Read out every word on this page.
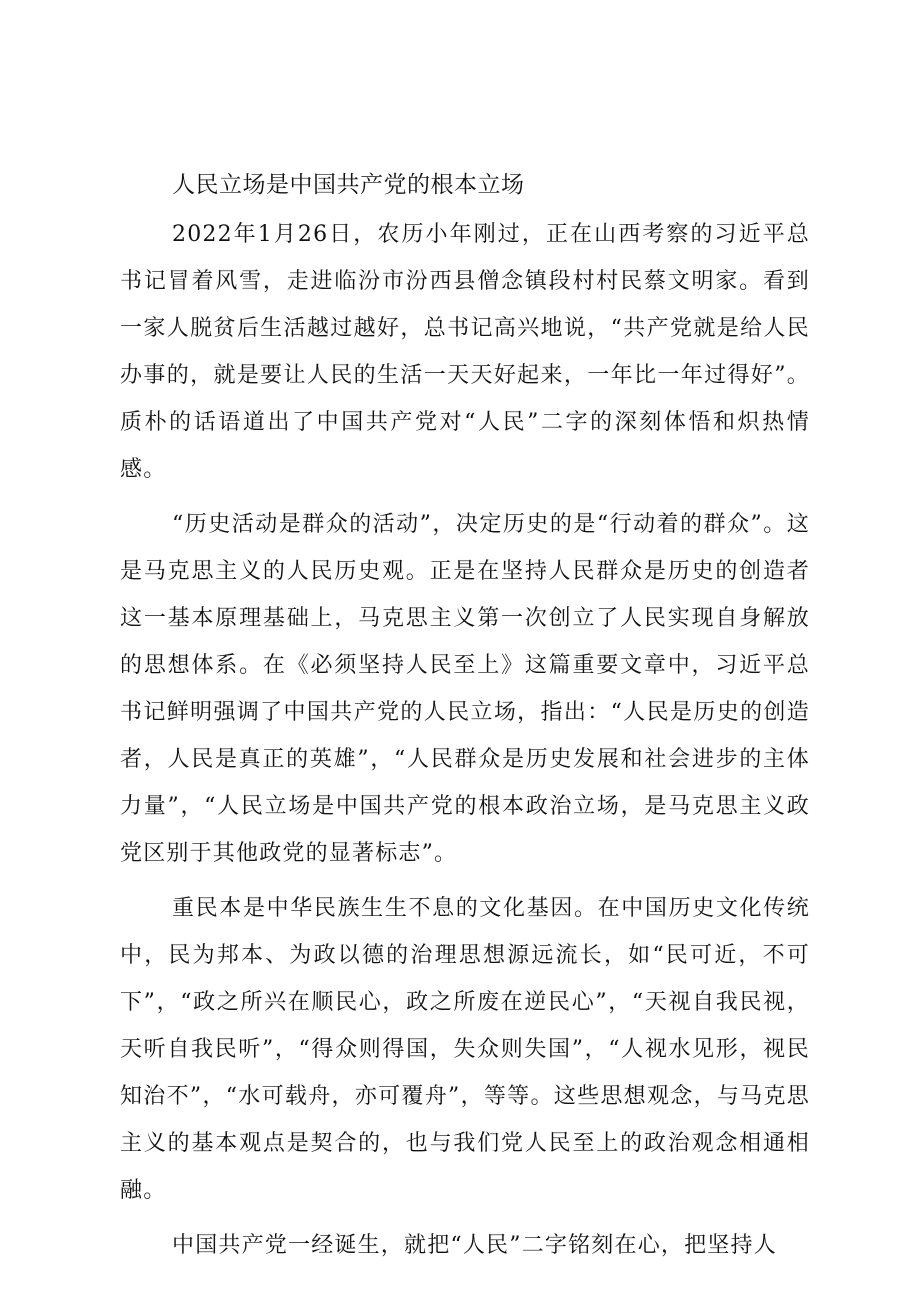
人民立场是中国共产党的根本立场

2022年1月26日，农历小年刚过，正在山西考察的习近平总书记冒着风雪，走进临汾市汾西县僧念镇段村村民蔡文明家。看到一家人脱贫后生活越过越好，总书记高兴地说，“共产党就是给人民办事的，就是要让人民的生活一天天好起来，一年比一年过得好”。质朴的话语道出了中国共产党对“人民”二字的深刻体悟和炽热情感。

“历史活动是群众的活动”，决定历史的是“行动着的群众”。这是马克思主义的人民历史观。正是在坚持人民群众是历史的创造者这一基本原理基础上，马克思主义第一次创立了人民实现自身解放的思想体系。在《必须坚持人民至上》这篇重要文章中，习近平总书记鲜明强调了中国共产党的人民立场，指出：“人民是历史的创造者，人民是真正的英雄”，“人民群众是历史发展和社会进步的主体力量”，“人民立场是中国共产党的根本政治立场，是马克思主义政党区别于其他政党的显著标志”。

重民本是中华民族生生不息的文化基因。在中国历史文化传统中，民为邦本、为政以德的治理思想源远流长，如“民可近，不可下”，“政之所兴在顺民心，政之所废在逆民心”，“天视自我民视，天听自我民听”，“得众则得国，失众则失国”，“人视水见形，视民知治不”，“水可载舟，亦可覆舟”，等等。这些思想观念，与马克思主义的基本观点是契合的，也与我们党人民至上的政治观念相通相融。

中国共产党一经诞生，就把“人民”二字铭刻在心，把坚持人
